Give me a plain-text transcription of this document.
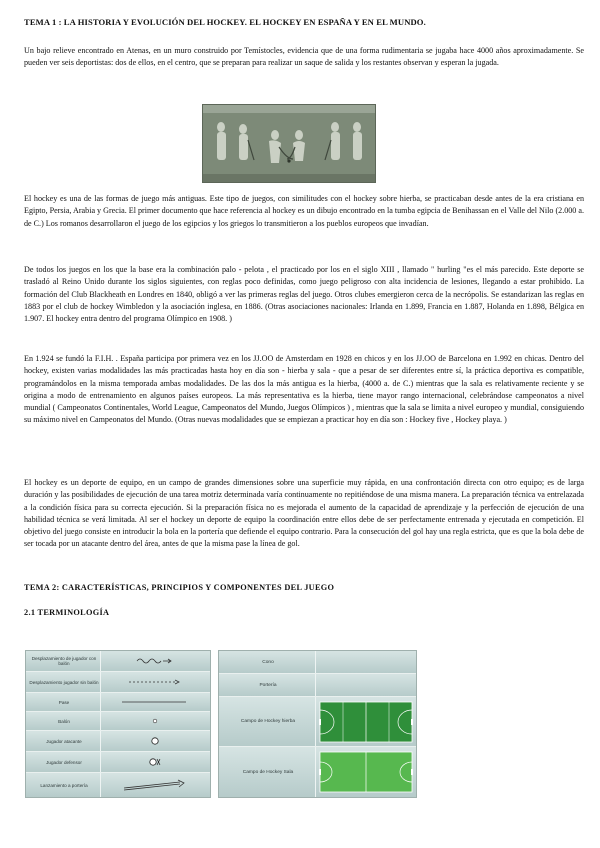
TEMA 1 : LA HISTORIA Y EVOLUCIÓN DEL HOCKEY. EL HOCKEY EN ESPAÑA Y EN EL MUNDO.

Un bajo relieve encontrado en Atenas, en un muro construido por Temístocles, evidencia que de una forma rudimentaria se jugaba hace 4000 años aproximadamente. Se pueden ver seis deportistas: dos de ellos, en el centro, que se preparan para realizar un saque de salida y los restantes observan y esperan la jugada.

El hockey es una de las formas de juego más antiguas. Este tipo de juegos, con similitudes con el hockey sobre hierba, se practicaban desde antes de la era cristiana en Egipto, Persia, Arabia y Grecia. El primer documento que hace referencia al hockey es un dibujo encontrado en la tumba egipcia de Benihassan en el Valle del Nilo (2.000 a. de C.) Los romanos desarrollaron el juego de los egipcios y los griegos lo transmitieron a los pueblos europeos que invadían.

De todos los juegos en los que la base era la combinación palo - pelota , el practicado por los en el siglo XIII , llamado " hurling "es el más parecido. Este deporte se trasladó al Reino Unido durante los siglos siguientes, con reglas poco definidas, como juego peligroso con alta incidencia de lesiones, llegando a estar prohibido. La formación del Club Blackheath en Londres en 1840, obligó a ver las primeras reglas del juego. Otros clubes emergieron cerca de la necrópolis. Se estandarizan las reglas en 1883 por el club de hockey Wimbledon y la asociación inglesa, en 1886. (Otras asociaciones nacionales: Irlanda en 1.899, Francia en 1.887, Holanda en 1.898, Bélgica en 1.907. El hockey entra dentro del programa Olímpico en 1908. )

En 1.924 se fundó la F.I.H. . España participa por primera vez en los JJ.OO de Amsterdam en 1928 en chicos y en los JJ.OO de Barcelona en 1.992 en chicas. Dentro del hockey, existen varias modalidades las más practicadas hasta hoy en día son - hierba y sala - que a pesar de ser diferentes entre sí, la práctica deportiva es compatible, programándolos en la misma temporada ambas modalidades. De las dos la más antigua es la hierba, (4000 a. de C.) mientras que la sala es relativamente reciente y se origina a modo de entrenamiento en algunos países europeos. La más representativa es la hierba, tiene mayor rango internacional, celebrándose campeonatos a nivel mundial ( Campeonatos Continentales, World League, Campeonatos del Mundo, Juegos Olímpicos ) , mientras que la sala se limita a nivel europeo y mundial, consiguiendo su máximo nivel en Campeonatos del Mundo. (Otras nuevas modalidades que se empiezan a practicar hoy en día son : Hockey five , Hockey playa. )

El hockey es un deporte de equipo, en un campo de grandes dimensiones sobre una superficie muy rápida, en una confrontación directa con otro equipo; es de larga duración y las posibilidades de ejecución de una tarea motriz determinada varía continuamente no repitiéndose de una misma manera. La preparación técnica va entrelazada a la condición física para su correcta ejecución. Si la preparación física no es mejorada el aumento de la capacidad de aprendizaje y la perfección de ejecución de una habilidad técnica se verá limitada. Al ser el hockey un deporte de equipo la coordinación entre ellos debe de ser perfectamente entrenada y ejecutada en competición. El objetivo del juego consiste en introducir la bola en la portería que defiende el equipo contrario. Para la consecución del gol hay una regla estricta, que es que la bola debe de ser tocada por un atacante dentro del área, antes de que la misma pase la línea de gol.

TEMA 2: CARACTERÍSTICAS, PRINCIPIOS Y COMPONENTES DEL JUEGO
2.1 TERMINOLOGÍA
Desplazamiento de jugador con balón
Desplazamiento jugador sin balón
Pase
Balón
Jugador atacante
Jugador defensor
Lanzamiento a portería
Cono
Portería
Campo de Hockey hierba
Campo de Hockey Sala
